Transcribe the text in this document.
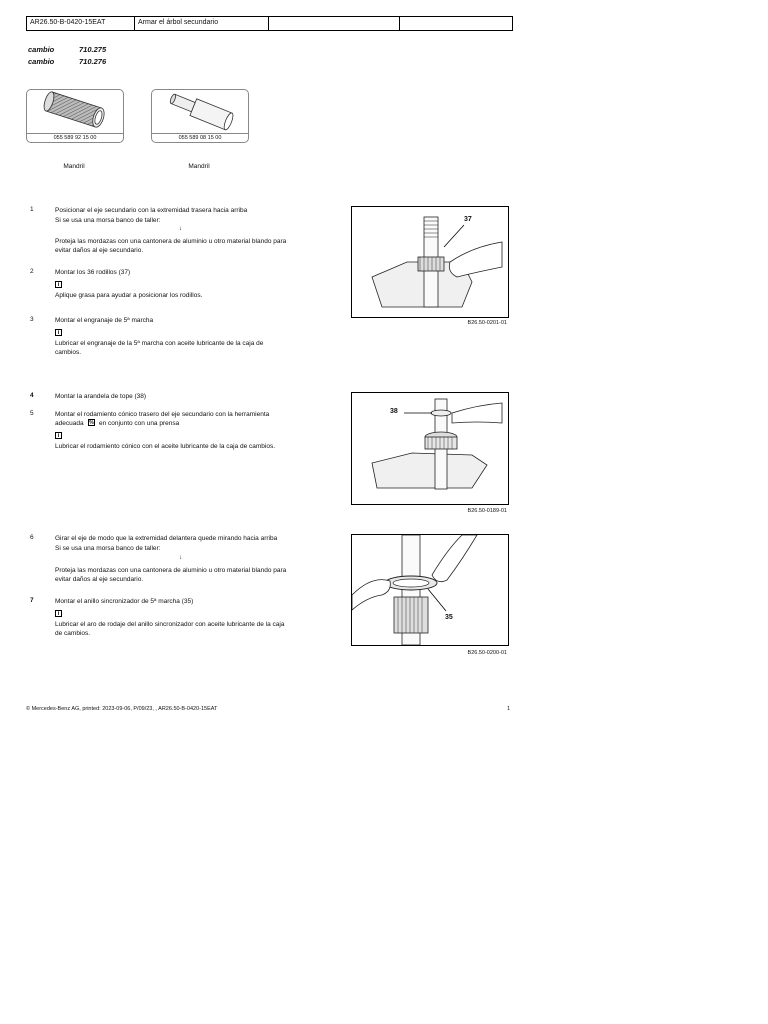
AR26.50-B-0420-15EAT	Armar el árbol secundario
cambio	710.275
cambio	710.276
055 589 92 15 00
Mandril
055 589 08 15 00
Mandril
1	Posicionar el eje secundario con la extremidad trasera hacia arriba
Si se usa una morsa banco de taller:
↓
Proteja las mordazas con una cantonera de aluminio u otro material blando para
evitar daños al eje secundario.
2	Montar los 36 rodillos (37)
i
Aplique grasa para ayudar a posicionar los rodillos.
3	Montar el engranaje de 5ª marcha
i
Lubricar el engranaje de la 5ª marcha con aceite lubricante de la caja de
cambios.
4	Montar la arandela de tope (38)
5	Montar el rodamiento cónico trasero del eje secundario con la herramienta
adecuada % en conjunto con una prensa
i
Lubricar el rodamiento cónico con el aceite lubricante de la caja de cambios.
6	Girar el eje de modo que la extremidad delantera quede mirando hacia arriba
Si se usa una morsa banco de taller:
↓
Proteja las mordazas con una cantonera de aluminio u otro material blando para
evitar daños al eje secundario.
7	Montar el anillo sincronizador de 5ª marcha (35)
i
Lubricar el aro de rodaje del anillo sincronizador con aceite lubricante de la caja
de cambios.
37
B26.50-0201-01
38
B26.50-0189-01
35
B26.50-0200-01
© Mercedes-Benz AG, printed: 2023-09-06, P/09/23, , AR26.50-B-0420-15EAT	1
